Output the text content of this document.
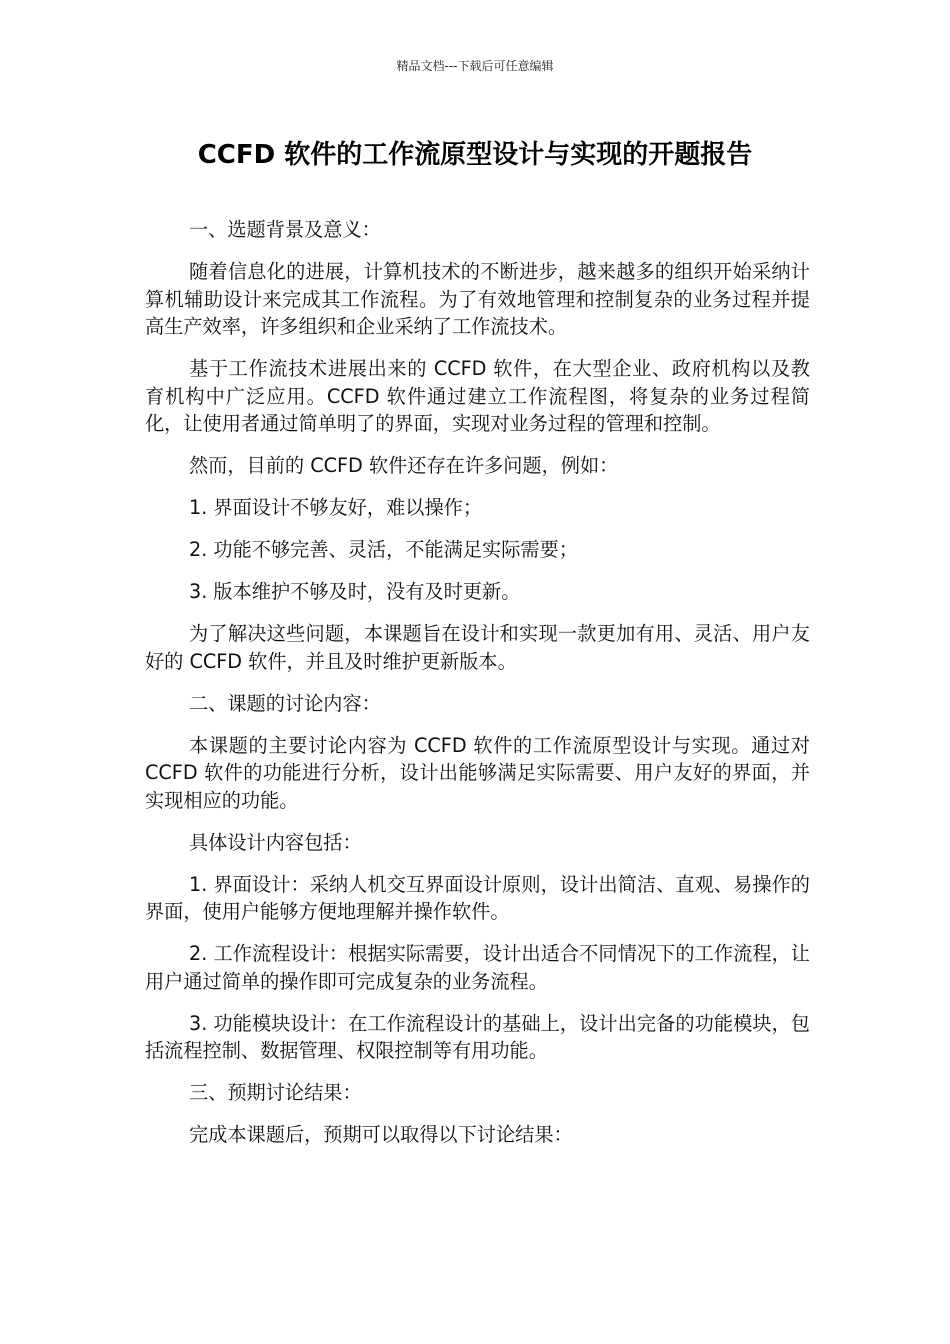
精品文档---下载后可任意编辑
CCFD 软件的工作流原型设计与实现的开题报告

一、选题背景及意义：

随着信息化的进展，计算机技术的不断进步，越来越多的组织开始采纳计算机辅助设计来完成其工作流程。为了有效地管理和控制复杂的业务过程并提高生产效率，许多组织和企业采纳了工作流技术。

基于工作流技术进展出来的 CCFD 软件，在大型企业、政府机构以及教育机构中广泛应用。CCFD 软件通过建立工作流程图，将复杂的业务过程简化，让使用者通过简单明了的界面，实现对业务过程的管理和控制。

然而，目前的 CCFD 软件还存在许多问题，例如：

1. 界面设计不够友好，难以操作；

2. 功能不够完善、灵活，不能满足实际需要；

3. 版本维护不够及时，没有及时更新。

为了解决这些问题，本课题旨在设计和实现一款更加有用、灵活、用户友好的 CCFD 软件，并且及时维护更新版本。

二、课题的讨论内容：

本课题的主要讨论内容为 CCFD 软件的工作流原型设计与实现。通过对 CCFD 软件的功能进行分析，设计出能够满足实际需要、用户友好的界面，并实现相应的功能。

具体设计内容包括：

1. 界面设计：采纳人机交互界面设计原则，设计出简洁、直观、易操作的界面，使用户能够方便地理解并操作软件。

2. 工作流程设计：根据实际需要，设计出适合不同情况下的工作流程，让用户通过简单的操作即可完成复杂的业务流程。

3. 功能模块设计：在工作流程设计的基础上，设计出完备的功能模块，包括流程控制、数据管理、权限控制等有用功能。

三、预期讨论结果：

完成本课题后，预期可以取得以下讨论结果：
